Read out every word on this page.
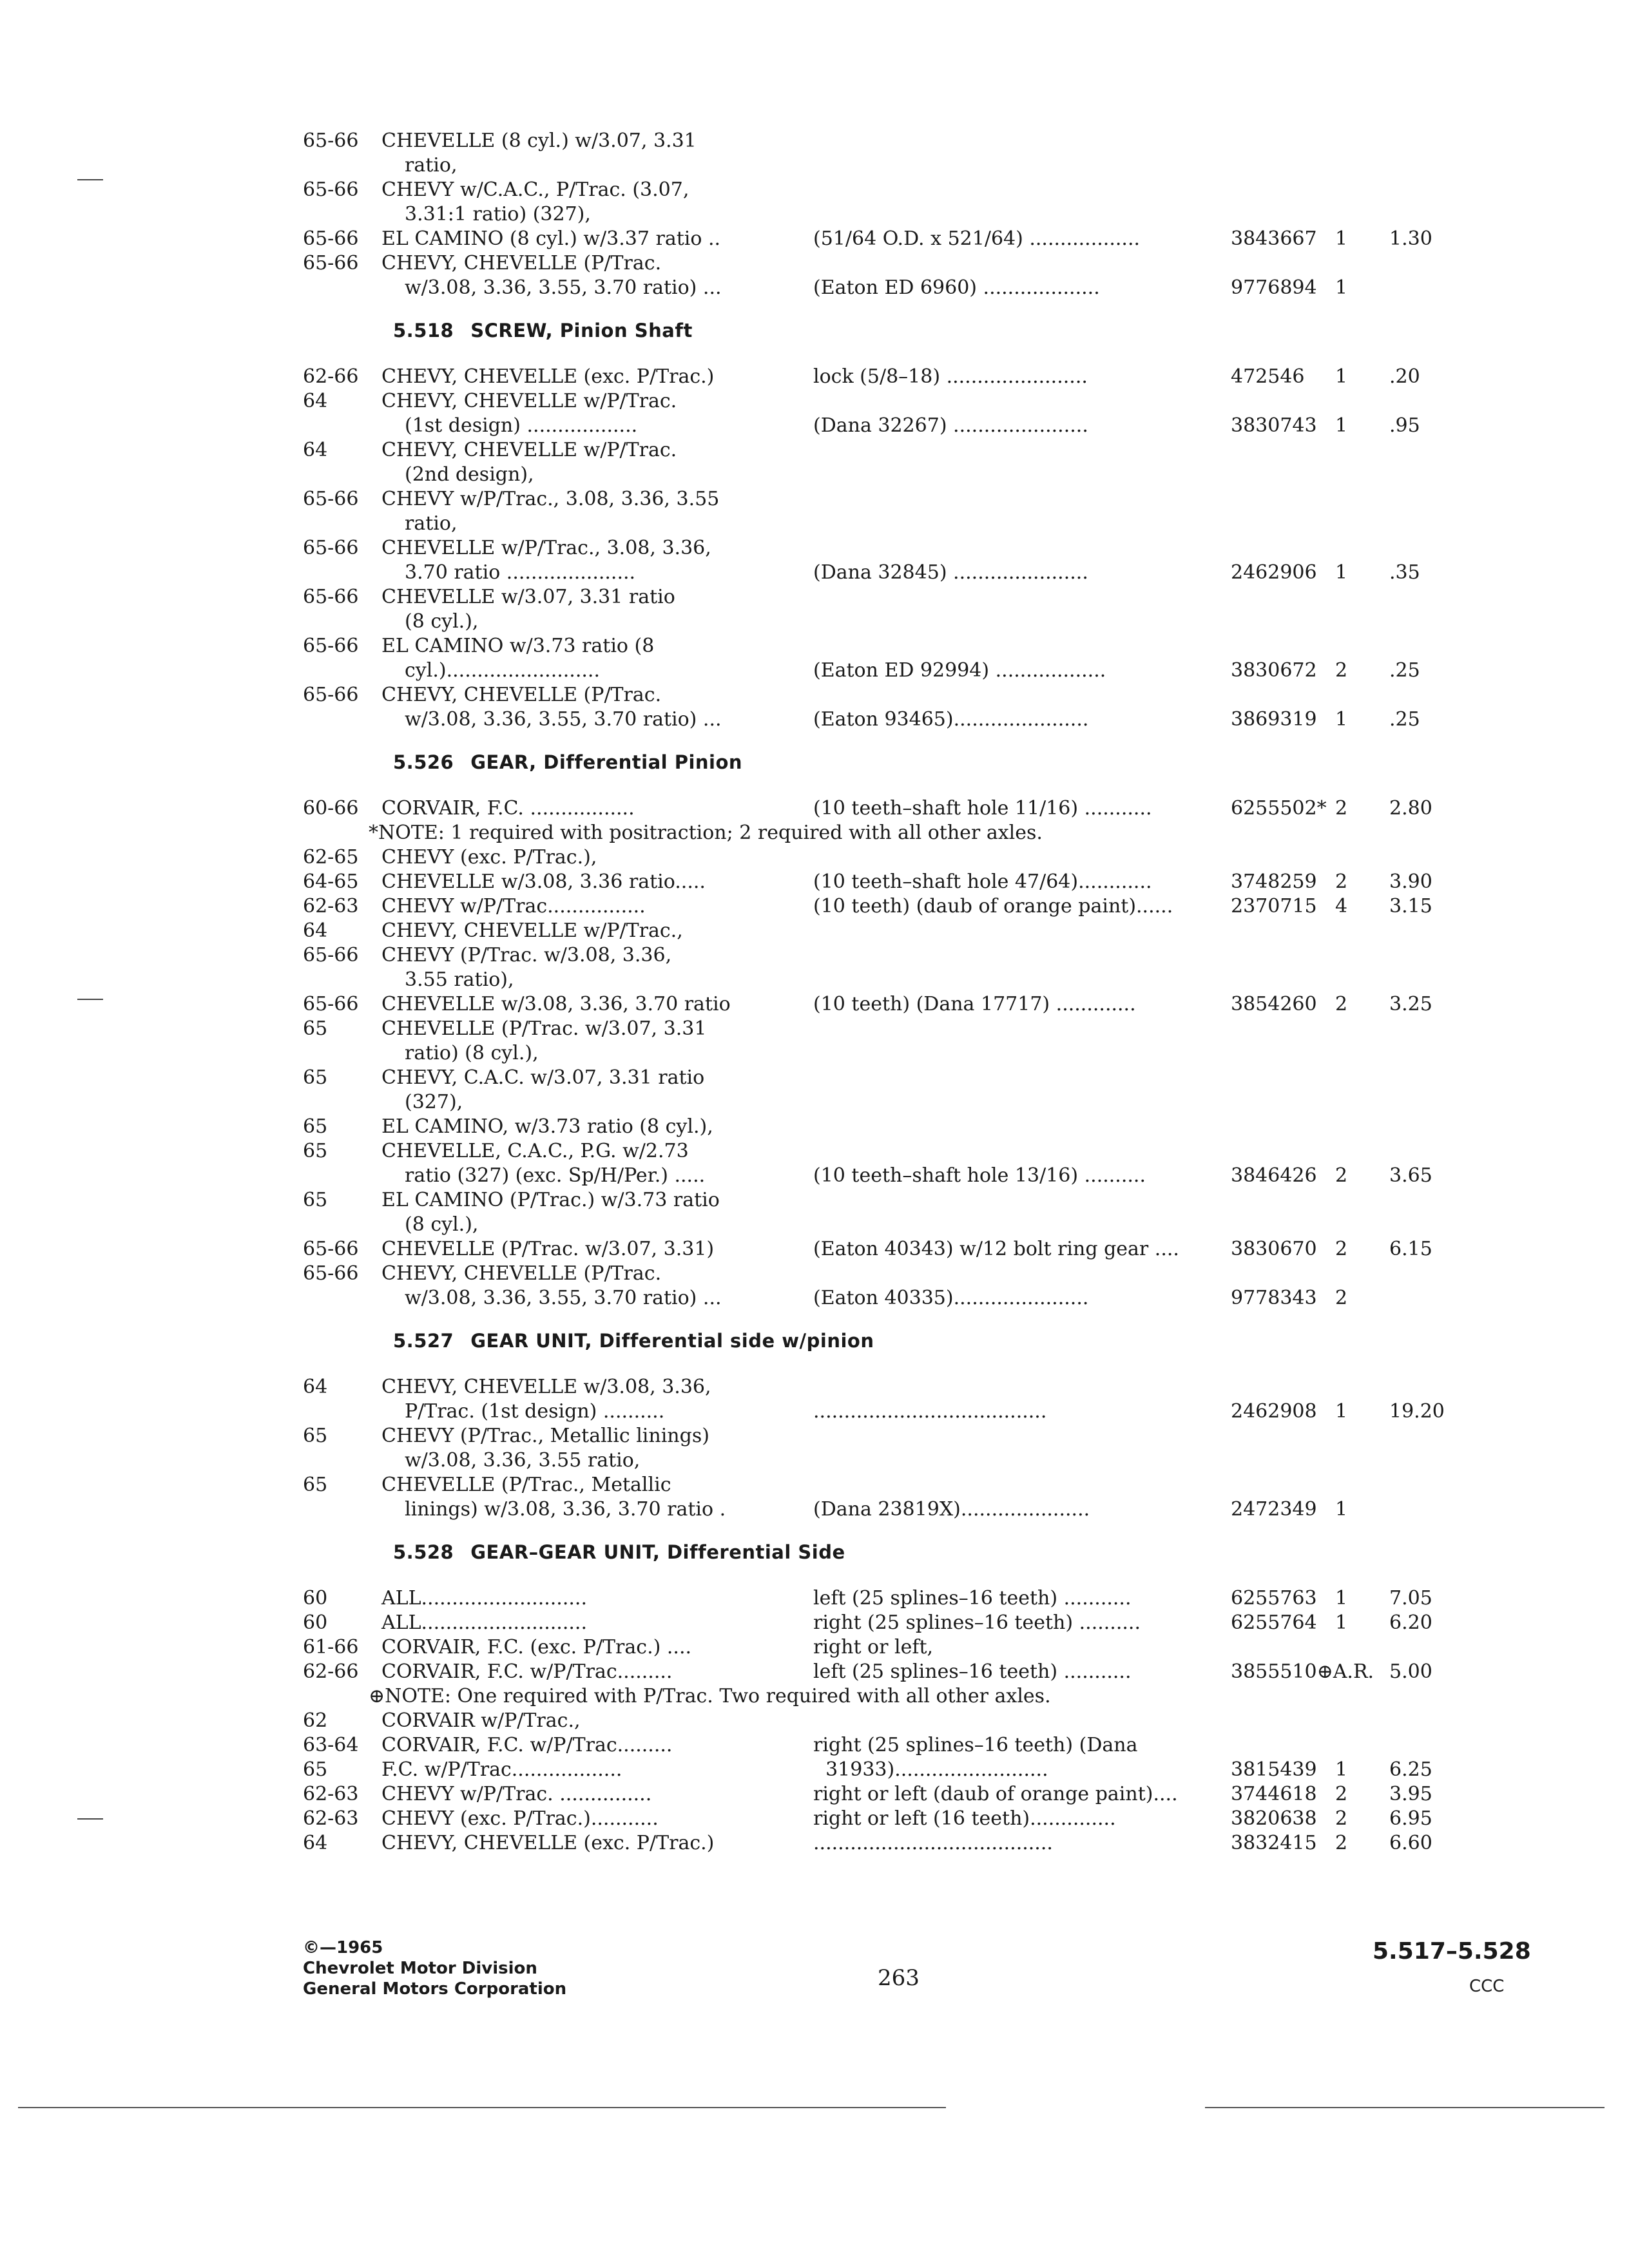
65-66 CHEVELLE (8 cyl.) w/3.07, 3.31
ratio,
65-66 CHEVY w/C.A.C., P/Trac. (3.07,
3.31:1 ratio) (327),
65-66 EL CAMINO (8 cyl.) w/3.37 ratio ..	(51/64 O.D. x 521/64) ..................	3843667 1 1.30
65-66 CHEVY, CHEVELLE (P/Trac.
w/3.08, 3.36, 3.55, 3.70 ratio) ...	(Eaton ED 6960) ...................	9776894 1
5.518 SCREW, Pinion Shaft
62-66 CHEVY, CHEVELLE (exc. P/Trac.)	lock (5/8–18) .......................	472546 1 .20
64	CHEVY, CHEVELLE w/P/Trac.
(1st design) ..................	(Dana 32267) ......................	3830743 1 .95
64	CHEVY, CHEVELLE w/P/Trac.
(2nd design),
65-66 CHEVY w/P/Trac., 3.08, 3.36, 3.55
ratio,
65-66 CHEVELLE w/P/Trac., 3.08, 3.36,
3.70 ratio .....................	(Dana 32845) ......................	2462906 1 .35
65-66 CHEVELLE w/3.07, 3.31 ratio
(8 cyl.),
65-66 EL CAMINO w/3.73 ratio (8
cyl.).........................	(Eaton ED 92994) ..................	3830672 2 .25
65-66 CHEVY, CHEVELLE (P/Trac.
w/3.08, 3.36, 3.55, 3.70 ratio) ...	(Eaton 93465)......................	3869319 1 .25
5.526 GEAR, Differential Pinion
60-66 CORVAIR, F.C. .................	(10 teeth–shaft hole 11/16) ...........	6255502* 2 2.80
*NOTE: 1 required with positraction; 2 required with all other axles.
62-65 CHEVY (exc. P/Trac.),
64-65 CHEVELLE w/3.08, 3.36 ratio.....	(10 teeth–shaft hole 47/64)............	3748259 2 3.90
62-63 CHEVY w/P/Trac................	(10 teeth) (daub of orange paint)......	2370715 4 3.15
64	CHEVY, CHEVELLE w/P/Trac.,
65-66 CHEVY (P/Trac. w/3.08, 3.36,
3.55 ratio),
65-66 CHEVELLE w/3.08, 3.36, 3.70 ratio	(10 teeth) (Dana 17717) .............	3854260 2 3.25
65	CHEVELLE (P/Trac. w/3.07, 3.31
ratio) (8 cyl.),
65	CHEVY, C.A.C. w/3.07, 3.31 ratio
(327),
65	EL CAMINO, w/3.73 ratio (8 cyl.),
65	CHEVELLE, C.A.C., P.G. w/2.73
ratio (327) (exc. Sp/H/Per.) .....	(10 teeth–shaft hole 13/16) ..........	3846426 2 3.65
65	EL CAMINO (P/Trac.) w/3.73 ratio
(8 cyl.),
65-66 CHEVELLE (P/Trac. w/3.07, 3.31)	(Eaton 40343) w/12 bolt ring gear ....	3830670 2 6.15
65-66 CHEVY, CHEVELLE (P/Trac.
w/3.08, 3.36, 3.55, 3.70 ratio) ...	(Eaton 40335)......................	9778343 2
5.527 GEAR UNIT, Differential side w/pinion
64	CHEVY, CHEVELLE w/3.08, 3.36,
P/Trac. (1st design) ..........	......................................	2462908 1 19.20
65	CHEVY (P/Trac., Metallic linings)
w/3.08, 3.36, 3.55 ratio,
65	CHEVELLE (P/Trac., Metallic
linings) w/3.08, 3.36, 3.70 ratio .	(Dana 23819X).....................	2472349 1
5.528 GEAR–GEAR UNIT, Differential Side
60	ALL...........................	left (25 splines–16 teeth) ...........	6255763 1 7.05
60	ALL...........................	right (25 splines–16 teeth) ..........	6255764 1 6.20
61-66 CORVAIR, F.C. (exc. P/Trac.) ....	right or left,
62-66 CORVAIR, F.C. w/P/Trac.........	left (25 splines–16 teeth) ...........	3855510⊕A.R. 5.00
⊕NOTE: One required with P/Trac. Two required with all other axles.
62	CORVAIR w/P/Trac.,
63-64 CORVAIR, F.C. w/P/Trac.........	right (25 splines–16 teeth) (Dana
65	F.C. w/P/Trac..................	31933).........................	3815439 1 6.25
62-63 CHEVY w/P/Trac. ...............	right or left (daub of orange paint)....	3744618 2 3.95
62-63 CHEVY (exc. P/Trac.)...........	right or left (16 teeth)..............	3820638 2 6.95
64	CHEVY, CHEVELLE (exc. P/Trac.)	.......................................	3832415 2 6.60
©—1965
Chevrolet Motor Division
General Motors Corporation	263
5.517–5.528
CCC
